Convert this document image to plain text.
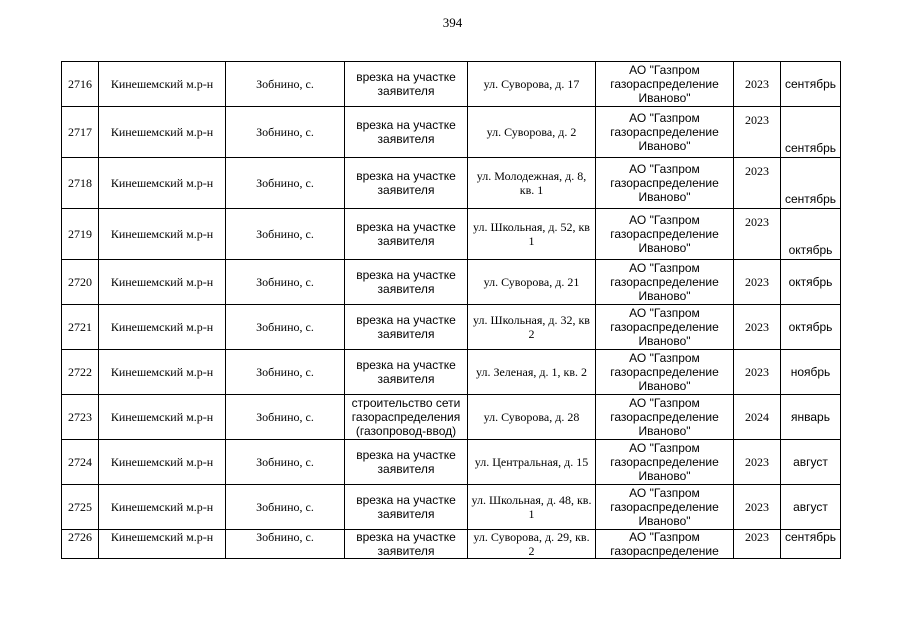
394
2716	Кинешемский м.р-н	Зобнино, с.	врезка на участке заявителя	ул. Суворова, д. 17	АО "Газпром газораспределение Иваново"	2023	сентябрь
2717	Кинешемский м.р-н	Зобнино, с.	врезка на участке заявителя	ул. Суворова, д. 2	АО "Газпром газораспределение Иваново"	2023	сентябрь
2718	Кинешемский м.р-н	Зобнино, с.	врезка на участке заявителя	ул. Молодежная, д. 8, кв. 1	АО "Газпром газораспределение Иваново"	2023	сентябрь
2719	Кинешемский м.р-н	Зобнино, с.	врезка на участке заявителя	ул. Школьная, д. 52, кв 1	АО "Газпром газораспределение Иваново"	2023	октябрь
2720	Кинешемский м.р-н	Зобнино, с.	врезка на участке заявителя	ул. Суворова, д. 21	АО "Газпром газораспределение Иваново"	2023	октябрь
2721	Кинешемский м.р-н	Зобнино, с.	врезка на участке заявителя	ул. Школьная, д. 32, кв 2	АО "Газпром газораспределение Иваново"	2023	октябрь
2722	Кинешемский м.р-н	Зобнино, с.	врезка на участке заявителя	ул. Зеленая, д. 1, кв. 2	АО "Газпром газораспределение Иваново"	2023	ноябрь
2723	Кинешемский м.р-н	Зобнино, с.	строительство сети газораспределения (газопровод-ввод)	ул. Суворова, д. 28	АО "Газпром газораспределение Иваново"	2024	январь
2724	Кинешемский м.р-н	Зобнино, с.	врезка на участке заявителя	ул. Центральная, д. 15	АО "Газпром газораспределение Иваново"	2023	август
2725	Кинешемский м.р-н	Зобнино, с.	врезка на участке заявителя	ул. Школьная, д. 48, кв. 1	АО "Газпром газораспределение Иваново"	2023	август
2726	Кинешемский м.р-н	Зобнино, с.	врезка на участке заявителя	ул. Суворова, д. 29, кв. 2	АО "Газпром газораспределение	2023	сентябрь
